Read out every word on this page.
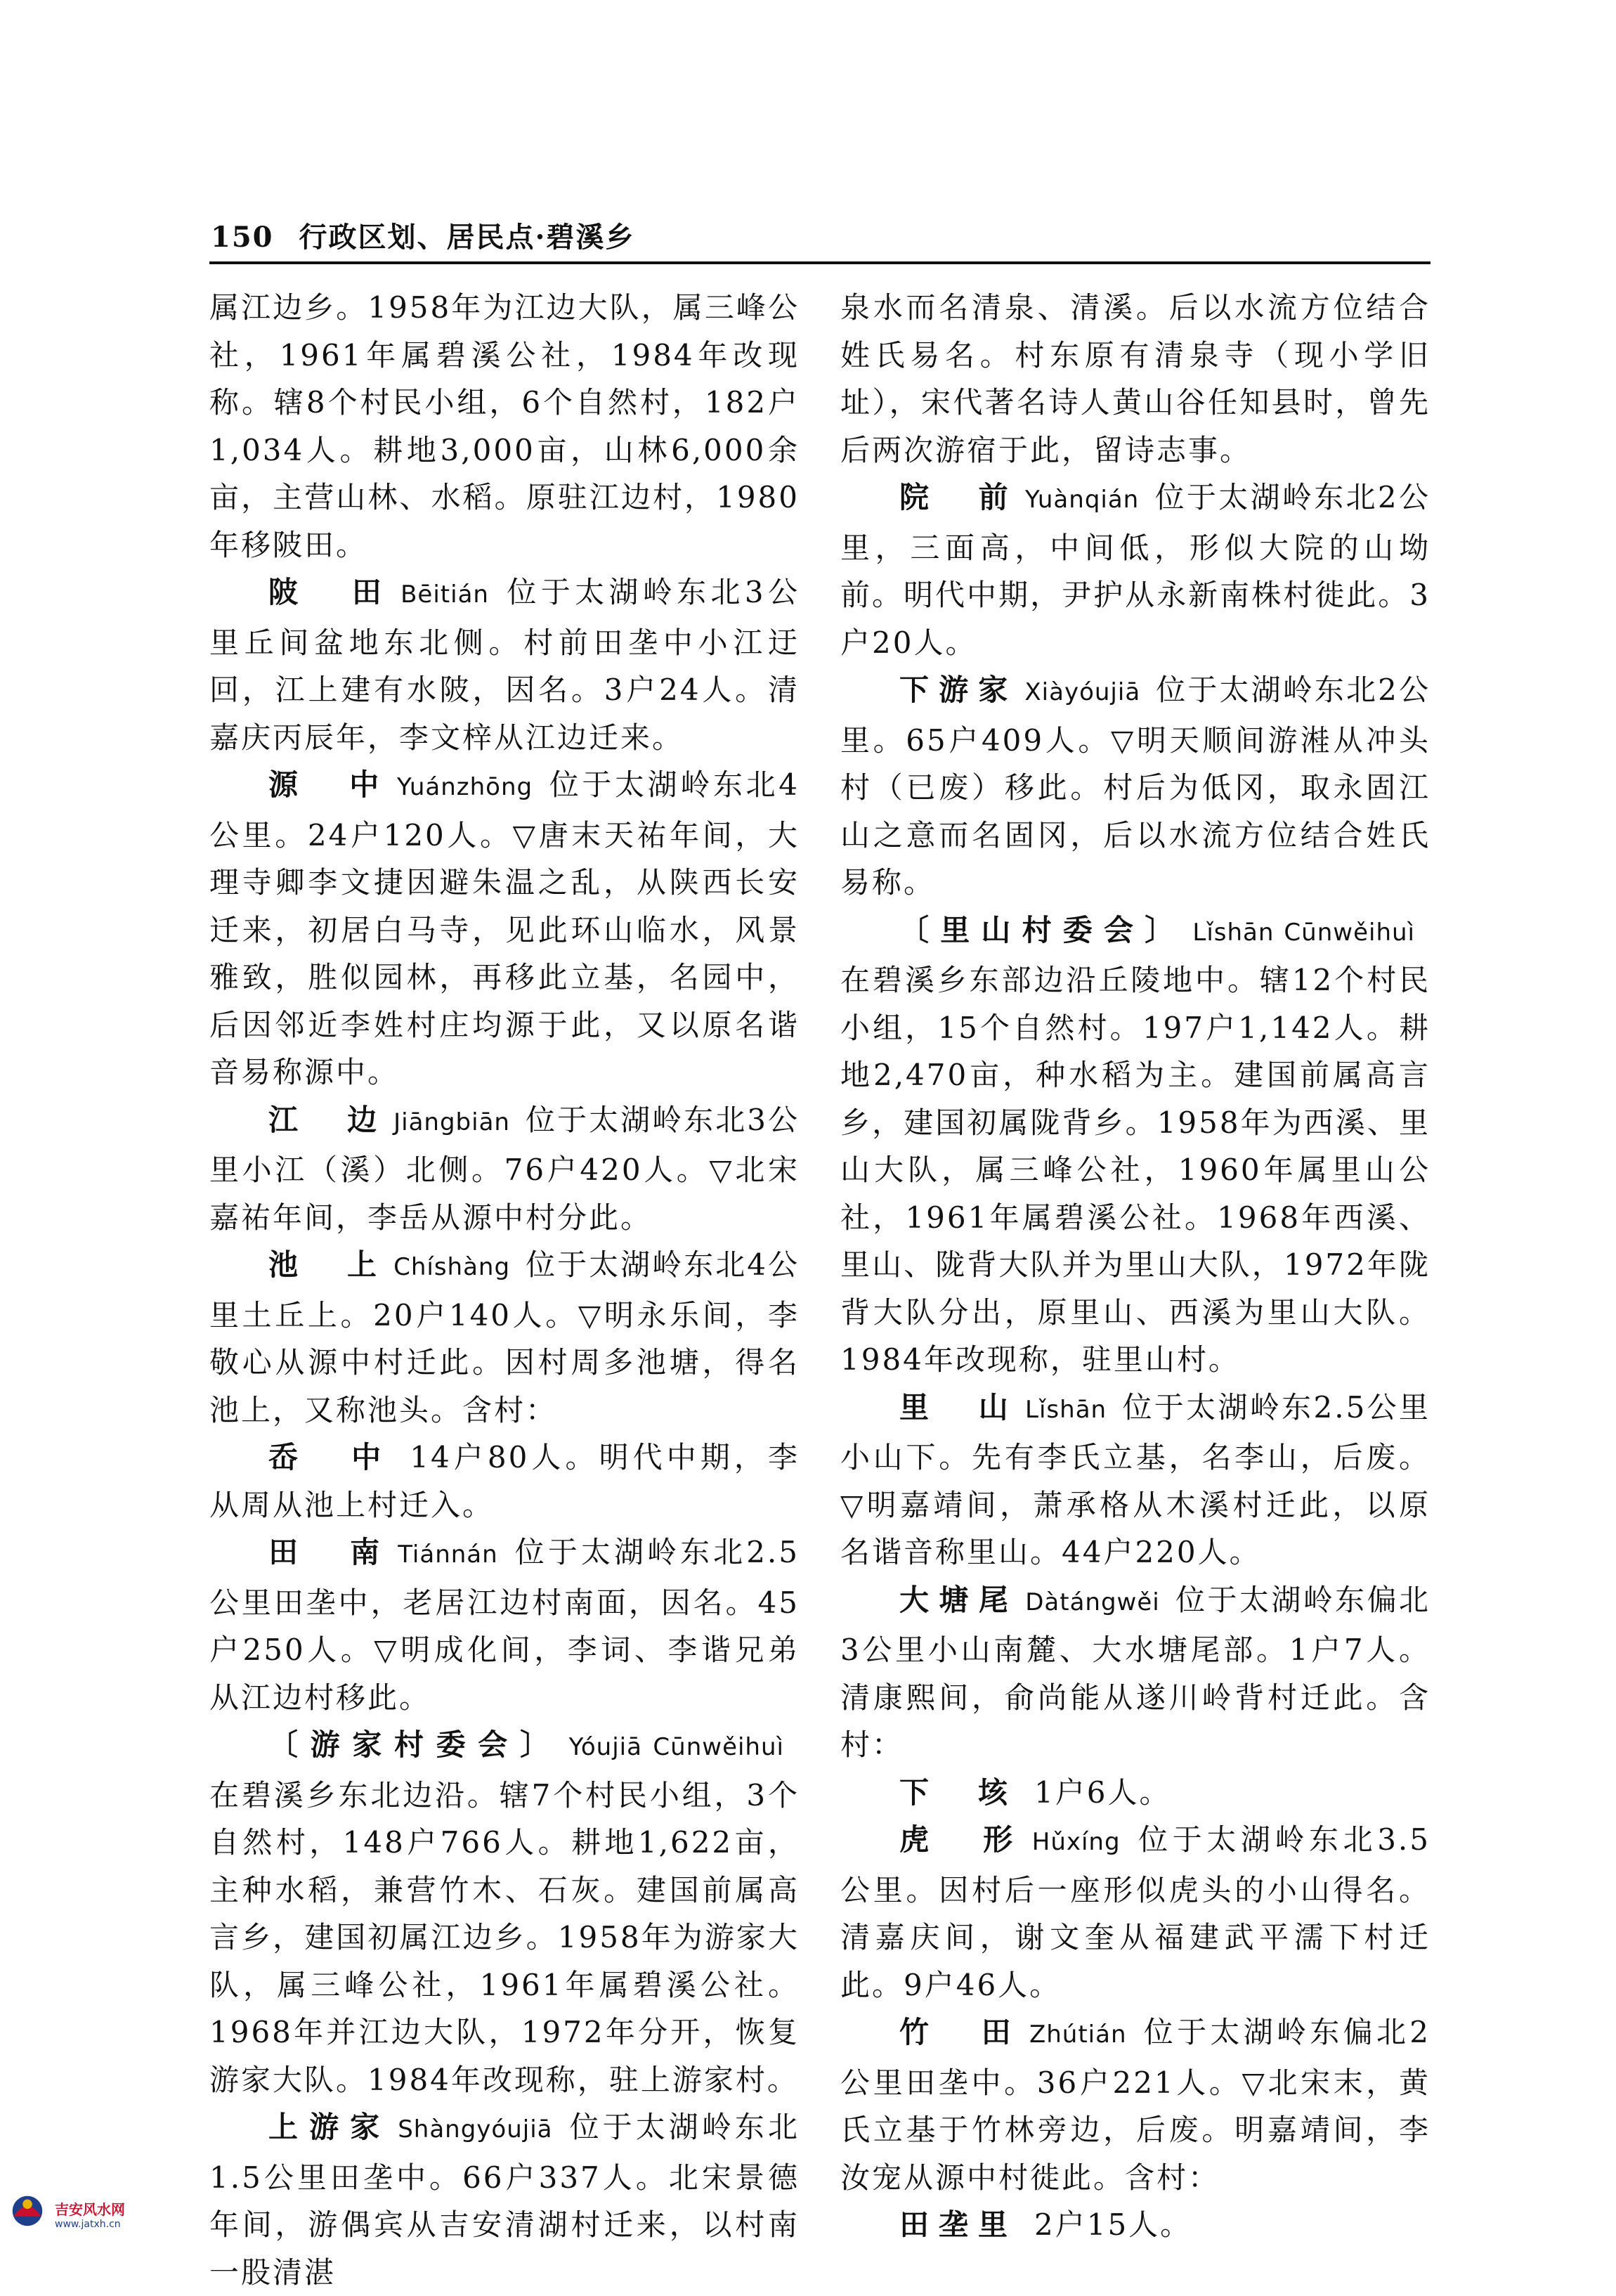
150 行政区划、居民点·碧溪乡

属江边乡。1958年为江边大队，属三峰公社，1961年属碧溪公社，1984年改现称。辖8个村民小组，6个自然村，182户1,034人。耕地3,000亩，山林6,000余亩，主营山林、水稻。原驻江边村，1980年移陂田。

陂　田 Bēitián 位于太湖岭东北3公里丘间盆地东北侧。村前田垄中小江迂回，江上建有水陂，因名。3户24人。清嘉庆丙辰年，李文梓从江边迁来。

源　中 Yuánzhōng 位于太湖岭东北4公里。24户120人。▽唐末天祐年间，大理寺卿李文捷因避朱温之乱，从陕西长安迁来，初居白马寺，见此环山临水，风景雅致，胜似园林，再移此立基，名园中，后因邻近李姓村庄均源于此，又以原名谐音易称源中。

江　边 Jiāngbiān 位于太湖岭东北3公里小江（溪）北侧。76户420人。▽北宋嘉祐年间，李岳从源中村分此。

池　上 Chíshàng 位于太湖岭东北4公里土丘上。20户140人。▽明永乐间，李敬心从源中村迁此。因村周多池塘，得名池上，又称池头。含村：

岙　中 14户80人。明代中期，李从周从池上村迁入。

田　南 Tiánnán 位于太湖岭东北2.5公里田垄中，老居江边村南面，因名。45户250人。▽明成化间，李词、李谐兄弟从江边村移此。

〔游家村委会〕 Yóujiā Cūnwěihuì在碧溪乡东北边沿。辖7个村民小组，3个自然村，148户766人。耕地1,622亩，主种水稻，兼营竹木、石灰。建国前属高言乡，建国初属江边乡。1958年为游家大队，属三峰公社，1961年属碧溪公社。1968年并江边大队，1972年分开，恢复游家大队。1984年改现称，驻上游家村。

上游家 Shàngyóujiā 位于太湖岭东北1.5公里田垄中。66户337人。北宋景德年间，游偶宾从吉安清湖村迁来，以村南一股清湛

泉水而名清泉、清溪。后以水流方位结合姓氏易名。村东原有清泉寺（现小学旧址），宋代著名诗人黄山谷任知县时，曾先后两次游宿于此，留诗志事。

院　前 Yuànqián 位于太湖岭东北2公里，三面高，中间低，形似大院的山坳前。明代中期，尹护从永新南株村徙此。3户20人。

下游家 Xiàyóujiā 位于太湖岭东北2公里。65户409人。▽明天顺间游溎从冲头村（已废）移此。村后为低冈，取永固江山之意而名固冈，后以水流方位结合姓氏易称。

〔里山村委会〕 Lǐshān Cūnwěihuì在碧溪乡东部边沿丘陵地中。辖12个村民小组，15个自然村。197户1,142人。耕地2,470亩，种水稻为主。建国前属高言乡，建国初属陇背乡。1958年为西溪、里山大队，属三峰公社，1960年属里山公社，1961年属碧溪公社。1968年西溪、里山、陇背大队并为里山大队，1972年陇背大队分出，原里山、西溪为里山大队。1984年改现称，驻里山村。

里　山 Lǐshān 位于太湖岭东2.5公里小山下。先有李氏立基，名李山，后废。▽明嘉靖间，萧承格从木溪村迁此，以原名谐音称里山。44户220人。

大塘尾 Dàtángwěi 位于太湖岭东偏北3公里小山南麓、大水塘尾部。1户7人。清康熙间，俞尚能从遂川岭背村迁此。含村：

下　垓 1户6人。

虎　形 Hǔxíng 位于太湖岭东北3.5公里。因村后一座形似虎头的小山得名。清嘉庆间，谢文奎从福建武平濡下村迁此。9户46人。

竹　田 Zhútián 位于太湖岭东偏北2公里田垄中。36户221人。▽北宋末，黄氏立基于竹林旁边，后废。明嘉靖间，李汝宠从源中村徙此。含村：

田垄里 2户15人。

吉安风水网
www.jatxh.cn
